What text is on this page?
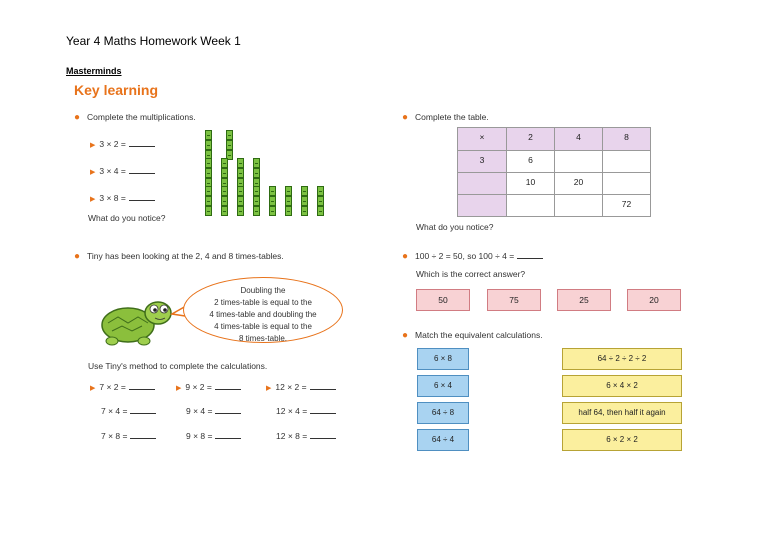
Year 4 Maths Homework Week 1
Masterminds
Key learning
● Complete the multiplications.
▶ 3 × 2 =
▶ 3 × 4 =
▶ 3 × 8 =
What do you notice?
● Tiny has been looking at the 2, 4 and 8 times-tables.
Doubling the
2 times-table is equal to the
4 times-table and doubling the
4 times-table is equal to the
8 times-table.
Use Tiny's method to complete the calculations.
▶ 7 × 2 =	▶ 9 × 2 =	▶ 12 × 2 =
7 × 4 =	9 × 4 =	12 × 4 =
7 × 8 =	9 × 8 =	12 × 8 =
● Complete the table.
×	2	4	8
3	6		
	10	20	
			72
What do you notice?
● 100 ÷ 2 = 50, so 100 ÷ 4 =
Which is the correct answer?
50	75	25	20
● Match the equivalent calculations.
6 × 8
6 × 4
64 ÷ 8
64 ÷ 4
64 ÷ 2 ÷ 2 ÷ 2
6 × 4 × 2
half 64, then half it again
6 × 2 × 2
